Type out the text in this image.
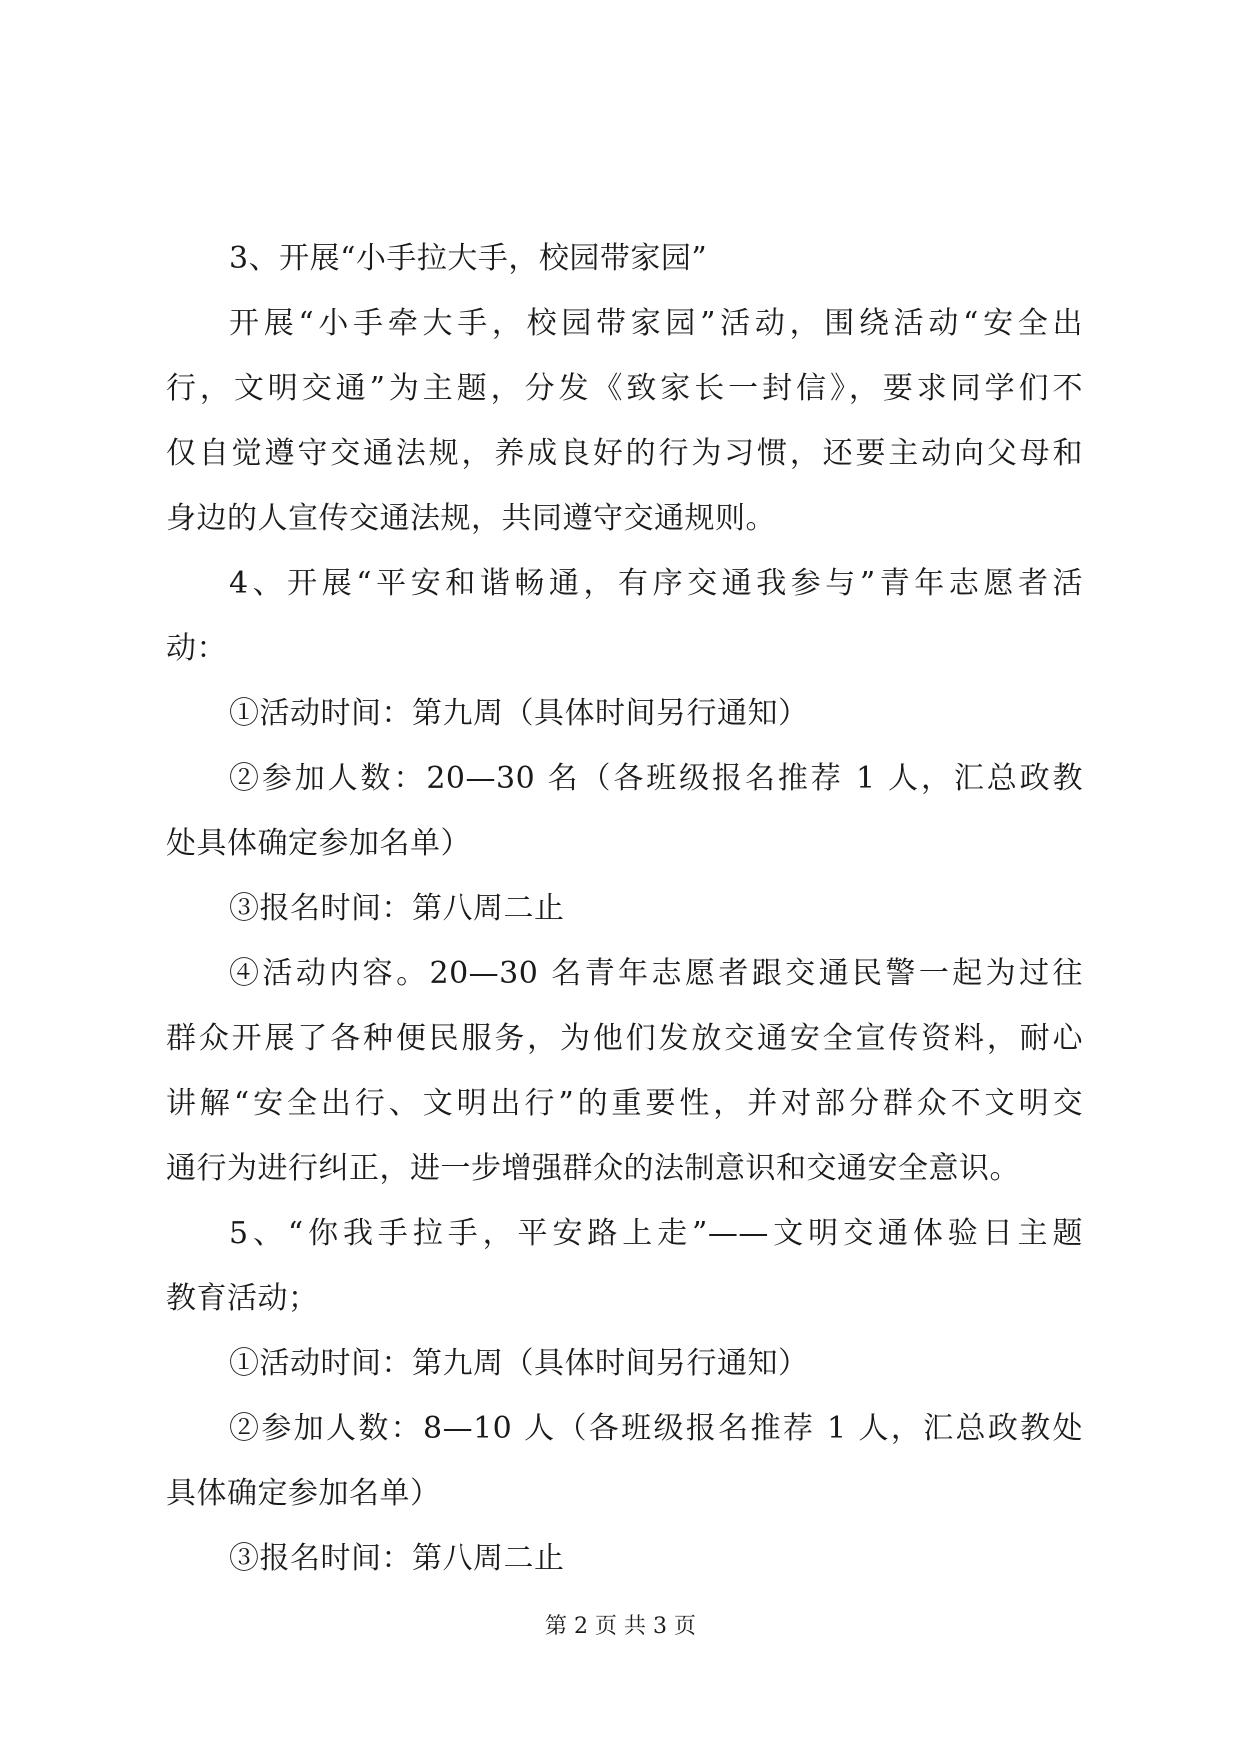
3、开展“小手拉大手，校园带家园”
开展“小手牵大手，校园带家园”活动，围绕活动“安全出
行，文明交通”为主题，分发《致家长一封信》，要求同学们不
仅自觉遵守交通法规，养成良好的行为习惯，还要主动向父母和
身边的人宣传交通法规，共同遵守交通规则。
4、开展“平安和谐畅通，有序交通我参与”青年志愿者活
动：
①活动时间：第九周（具体时间另行通知）
②参加人数：20—30 名（各班级报名推荐 1 人，汇总政教
处具体确定参加名单）
③报名时间：第八周二止
④活动内容。20—30 名青年志愿者跟交通民警一起为过往
群众开展了各种便民服务，为他们发放交通安全宣传资料，耐心
讲解“安全出行、文明出行”的重要性，并对部分群众不文明交
通行为进行纠正，进一步增强群众的法制意识和交通安全意识。
5、“你我手拉手，平安路上走”——文明交通体验日主题
教育活动；
①活动时间：第九周（具体时间另行通知）
②参加人数：8—10 人（各班级报名推荐 1 人，汇总政教处
具体确定参加名单）
③报名时间：第八周二止
第 2 页 共 3 页
